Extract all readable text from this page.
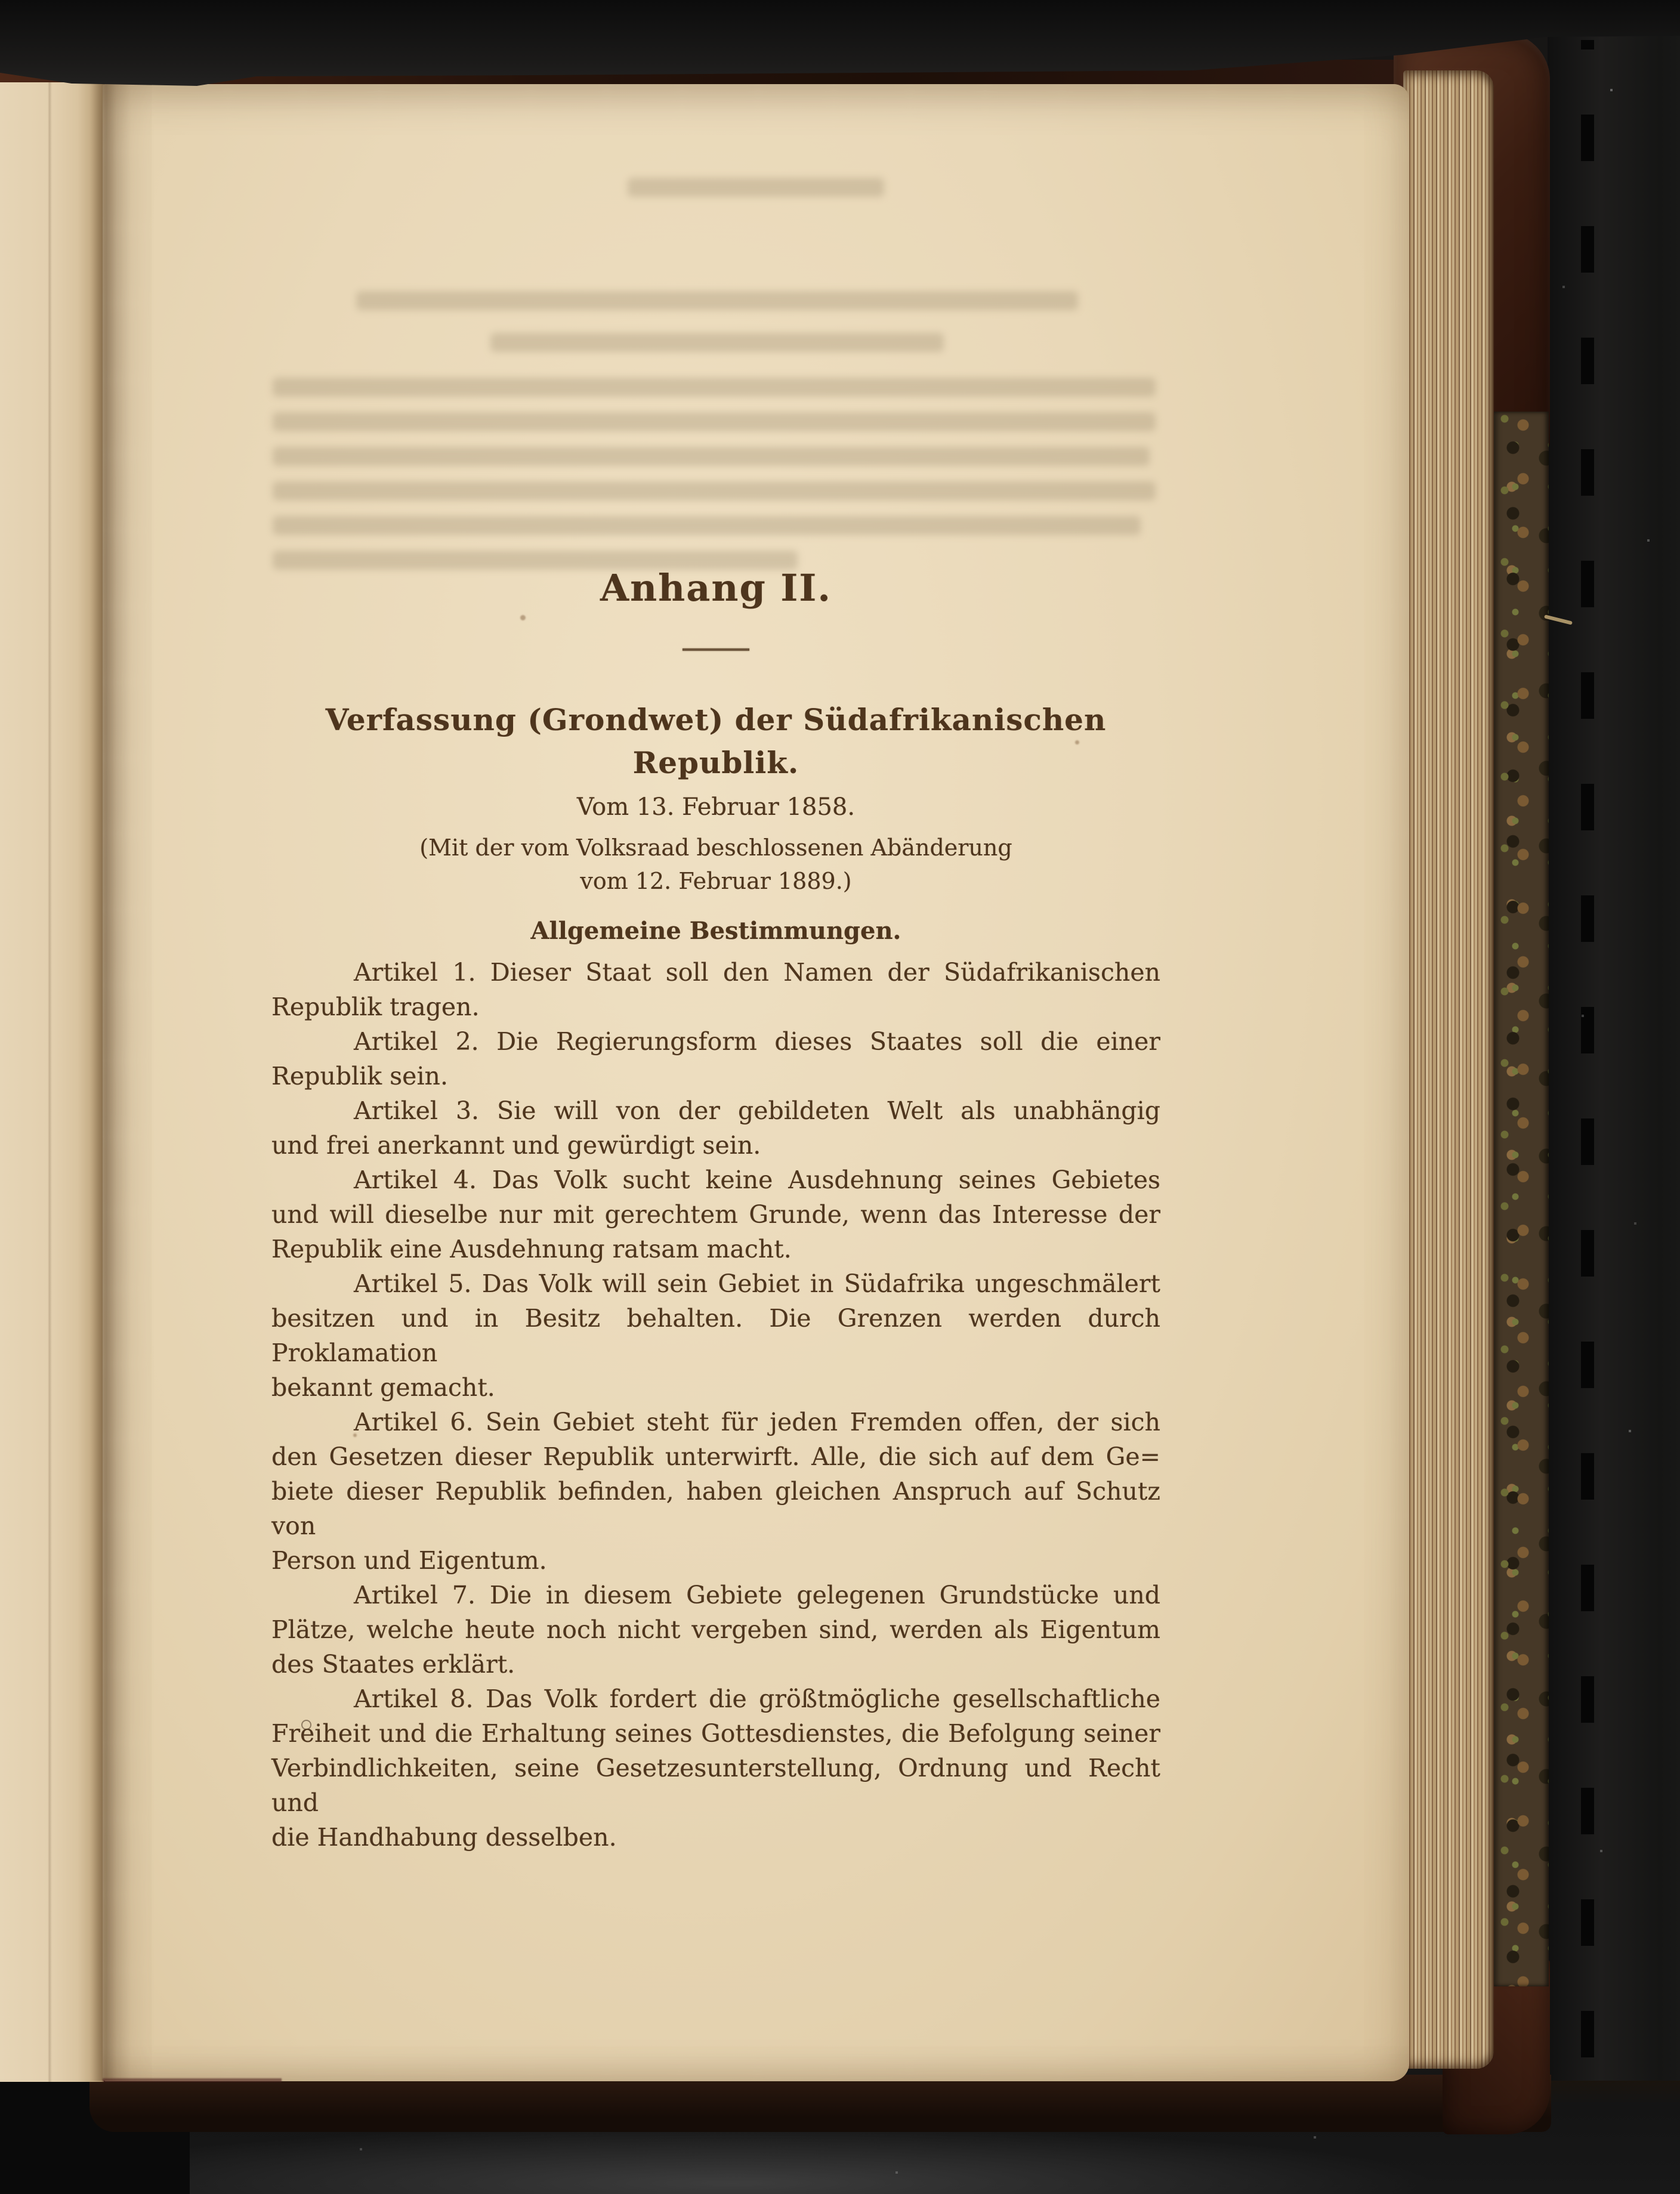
Anhang II.
Verfassung (Grondwet) der Südafrikanischen
Republik.
Vom 13. Februar 1858.
(Mit der vom Volksraad beschlossenen Abänderung
vom 12. Februar 1889.)
Allgemeine Bestimmungen.
Artikel 1. Dieser Staat soll den Namen der Südafrikanischen
Republik tragen.
Artikel 2. Die Regierungsform dieses Staates soll die einer
Republik sein.
Artikel 3. Sie will von der gebildeten Welt als unabhängig
und frei anerkannt und gewürdigt sein.
Artikel 4. Das Volk sucht keine Ausdehnung seines Gebietes
und will dieselbe nur mit gerechtem Grunde, wenn das Interesse der
Republik eine Ausdehnung ratsam macht.
Artikel 5. Das Volk will sein Gebiet in Südafrika ungeschmälert
besitzen und in Besitz behalten. Die Grenzen werden durch Proklamation
bekannt gemacht.
Artikel 6. Sein Gebiet steht für jeden Fremden offen, der sich
den Gesetzen dieser Republik unterwirft. Alle, die sich auf dem Ge=
biete dieser Republik befinden, haben gleichen Anspruch auf Schutz von
Person und Eigentum.
Artikel 7. Die in diesem Gebiete gelegenen Grundstücke und
Plätze, welche heute noch nicht vergeben sind, werden als Eigentum
des Staates erklärt.
Artikel 8. Das Volk fordert die größtmögliche gesellschaftliche
Freiheit und die Erhaltung seines Gottesdienstes, die Befolgung seiner
Verbindlichkeiten, seine Gesetzesunterstellung, Ordnung und Recht und
die Handhabung desselben.
